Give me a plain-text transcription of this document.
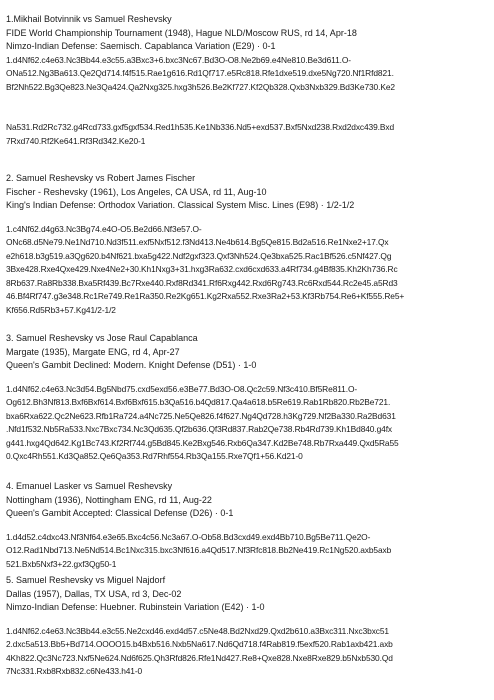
1.Mikhail Botvinnik vs Samuel Reshevsky
FIDE World Championship Tournament (1948), Hague NLD/Moscow RUS, rd 14, Apr-18
Nimzo-Indian Defense: Saemisch. Capablanca Variation (E29) · 0-1
1.d4Nf62.c4e63.Nc3Bb44.e3c55.a3Bxc3+6.bxc3Nc67.Bd3O-O8.Ne2b69.e4Ne810.Be3d611.O-
ONa512.Ng3Ba613.Qe2Qd714.f4f515.Rae1g616.Rd1Qf717.e5Rc818.Rfe1dxe519.dxe5Ng720.Nf1Rfd821.
Bf2Nh522.Bg3Qe823.Ne3Qa424.Qa2Nxg325.hxg3h526.Be2Kf727.Kf2Qb328.Qxb3Nxb329.Bd3Ke730.Ke2

Na531.Rd2Rc732.g4Rcd733.gxf5gxf534.Red1h535.Ke1Nb336.Nd5+exd537.Bxf5Nxd238.Rxd2dxc439.Bxd
7Rxd740.Rf2Ke641.Rf3Rd342.Ke20-1
2. Samuel Reshevsky vs Robert James Fischer
Fischer - Reshevsky (1961), Los Angeles, CA USA, rd 11, Aug-10
King's Indian Defense: Orthodox Variation. Classical System Misc. Lines (E98) · 1/2-1/2
1.c4Nf62.d4g63.Nc3Bg74.e4O-O5.Be2d66.Nf3e57.O-
ONc68.d5Ne79.Ne1Nd710.Nd3f511.exf5Nxf512.f3Nd413.Ne4b614.Bg5Qe815.Bd2a516.Re1Nxe2+17.Qx
e2h618.b3g519.a3Qg620.b4Nf621.bxa5g422.Ndf2gxf323.Qxf3Nh524.Qe3bxa525.Rac1Bf526.c5Nf427.Qg
3Bxe428.Rxe4Qxe429.Nxe4Ne2+30.Kh1Nxg3+31.hxg3Ra632.cxd6cxd633.a4Rf734.g4Bf835.Kh2Kh736.Rc
8Rb637.Ra8Rb338.Bxa5Rf439.Bc7Rxe440.Rxf8Rd341.Rf6Rxg442.Rxd6Rg743.Rc6Rxd544.Rc2e45.a5Rd3
46.Bf4Rf747.g3e348.Rc1Re749.Re1Ra350.Re2Kg651.Kg2Rxa552.Rxe3Ra2+53.Kf3Rb754.Re6+Kf555.Re5+
Kf656.Rd5Rb3+57.Kg41/2-1/2
3. Samuel Reshevsky vs Jose Raul Capablanca
Margate (1935), Margate ENG, rd 4, Apr-27
Queen's Gambit Declined: Modern. Knight Defense (D51) · 1-0
1.d4Nf62.c4e63.Nc3d54.Bg5Nbd75.cxd5exd56.e3Be77.Bd3O-O8.Qc2c59.Nf3c410.Bf5Re811.O-
Og612.Bh3Nf813.Bxf6Bxf614.Bxf6Bxf615.b3Qa516.b4Qd817.Qa4a618.b5Re619.Rab1Rb820.Rb2Be721.
bxa6Rxa622.Qc2Ne623.Rfb1Ra724.a4Nc725.Ne5Qe826.f4f627.Ng4Qd728.h3Kg729.Nf2Ba330.Ra2Bd631
.Nfd1f532.Nb5Ra533.Nxc7Bxc734.Nc3Qd635.Qf2b636.Qf3Rd837.Rab2Qe738.Rb4Rd739.Kh1Bd840.g4fx
g441.hxg4Qd642.Kg1Bc743.Kf2Rf744.g5Bd845.Ke2Bxg546.Rxb6Qa347.Kd2Be748.Rb7Rxa449.Qxd5Ra55
0.Qxc4Rh551.Kd3Qa852.Qe6Qa353.Rd7Rhf554.Rb3Qa155.Rxe7Qf1+56.Kd21-0
4. Emanuel Lasker vs Samuel Reshevsky
Nottingham (1936), Nottingham ENG, rd 11, Aug-22
Queen's Gambit Accepted: Classical Defense (D26) · 0-1
1.d4d52.c4dxc43.Nf3Nf64.e3e65.Bxc4c56.Nc3a67.O-Ob58.Bd3cxd49.exd4Bb710.Bg5Be711.Qe2O-
O12.Rad1Nbd713.Ne5Nd514.Bc1Nxc315.bxc3Nf616.a4Qd517.Nf3Rfc818.Bb2Ne419.Rc1Ng520.axb5axb
521.Bxb5Nxf3+22.gxf3Qg50-1
5. Samuel Reshevsky vs Miguel Najdorf
Dallas (1957), Dallas, TX USA, rd 3, Dec-02
Nimzo-Indian Defense: Huebner. Rubinstein Variation (E42) · 1-0
1.d4Nf62.c4e63.Nc3Bb44.e3c55.Ne2cxd46.exd4d57.c5Ne48.Bd2Nxd29.Qxd2b610.a3Bxc311.Nxc3bxc51
2.dxc5a513.Bb5+Bd714.OOOO15.b4Bxb516.Nxb5Na617.Nd6Qd718.f4Rab819.f5exf520.Rab1axb421.axb
4Kh822.Qc3Nc723.Nxf5Ne624.Nd6f625.Qh3Rfd826.Rfe1Nd427.Re8+Qxe828.Nxe8Rxe829.b5Nxb530.Qd
7Nc331.Rxb8Rxb832.c6Ne433.h41-0
